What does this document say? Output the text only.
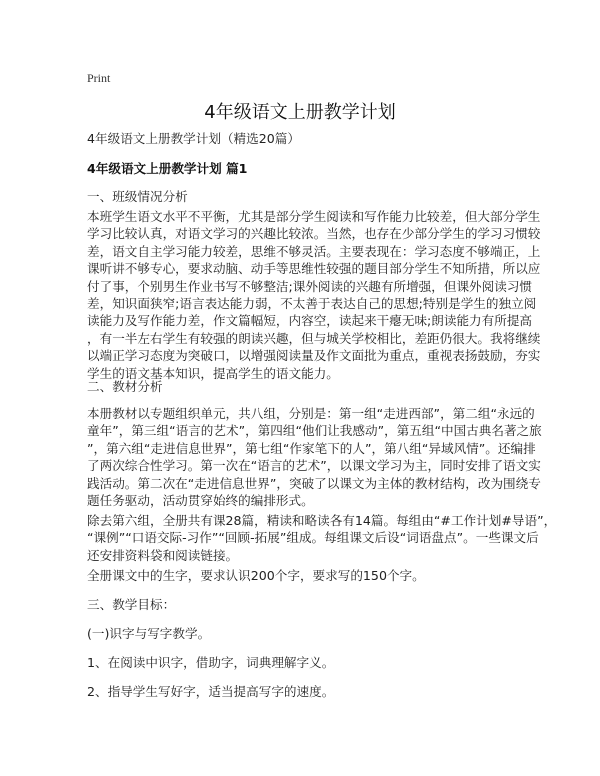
Print
4年级语文上册教学计划
4年级语文上册教学计划（精选20篇）
4年级语文上册教学计划 篇1
一、班级情况分析
本班学生语文水平不平衡，尤其是部分学生阅读和写作能力比较差，但大部分学生
学习比较认真，对语文学习的兴趣比较浓。当然，也存在少部分学生的学习习惯较
差，语文自主学习能力较差，思维不够灵活。主要表现在：学习态度不够端正，上
课听讲不够专心，要求动脑、动手等思维性较强的题目部分学生不知所措，所以应
付了事，个别男生作业书写不够整洁;课外阅读的兴趣有所增强，但课外阅读习惯
差，知识面狭窄;语言表达能力弱，不太善于表达自己的思想;特别是学生的独立阅
读能力及写作能力差，作文篇幅短，内容空，读起来干瘪无味;朗读能力有所提高
，有一半左右学生有较强的朗读兴趣，但与城关学校相比，差距仍很大。我将继续
以端正学习态度为突破口，以增强阅读量及作文面批为重点，重视表扬鼓励，夯实
学生的语文基本知识，提高学生的语文能力。
二、教材分析
本册教材以专题组织单元，共八组，分别是：第一组“走进西部”，第二组“永远的
童年”，第三组“语言的艺术”，第四组“他们让我感动”，第五组“中国古典名著之旅
”，第六组“走进信息世界”，第七组“作家笔下的人”，第八组“异域风情”。还编排
了两次综合性学习。第一次在“语言的艺术”，以课文学习为主，同时安排了语文实
践活动。第二次在“走进信息世界”，突破了以课文为主体的教材结构，改为围绕专
题任务驱动，活动贯穿始终的编排形式。
除去第六组，全册共有课28篇，精读和略读各有14篇。每组由“#工作计划#导语”，
“课例”“口语交际-习作”“回顾-拓展”组成。每组课文后设“词语盘点”。一些课文后
还安排资料袋和阅读链接。
全册课文中的生字，要求认识200个字，要求写的150个字。
三、教学目标：
(一)识字与写字教学。
1、在阅读中识字，借助字，词典理解字义。
2、指导学生写好字，适当提高写字的速度。
